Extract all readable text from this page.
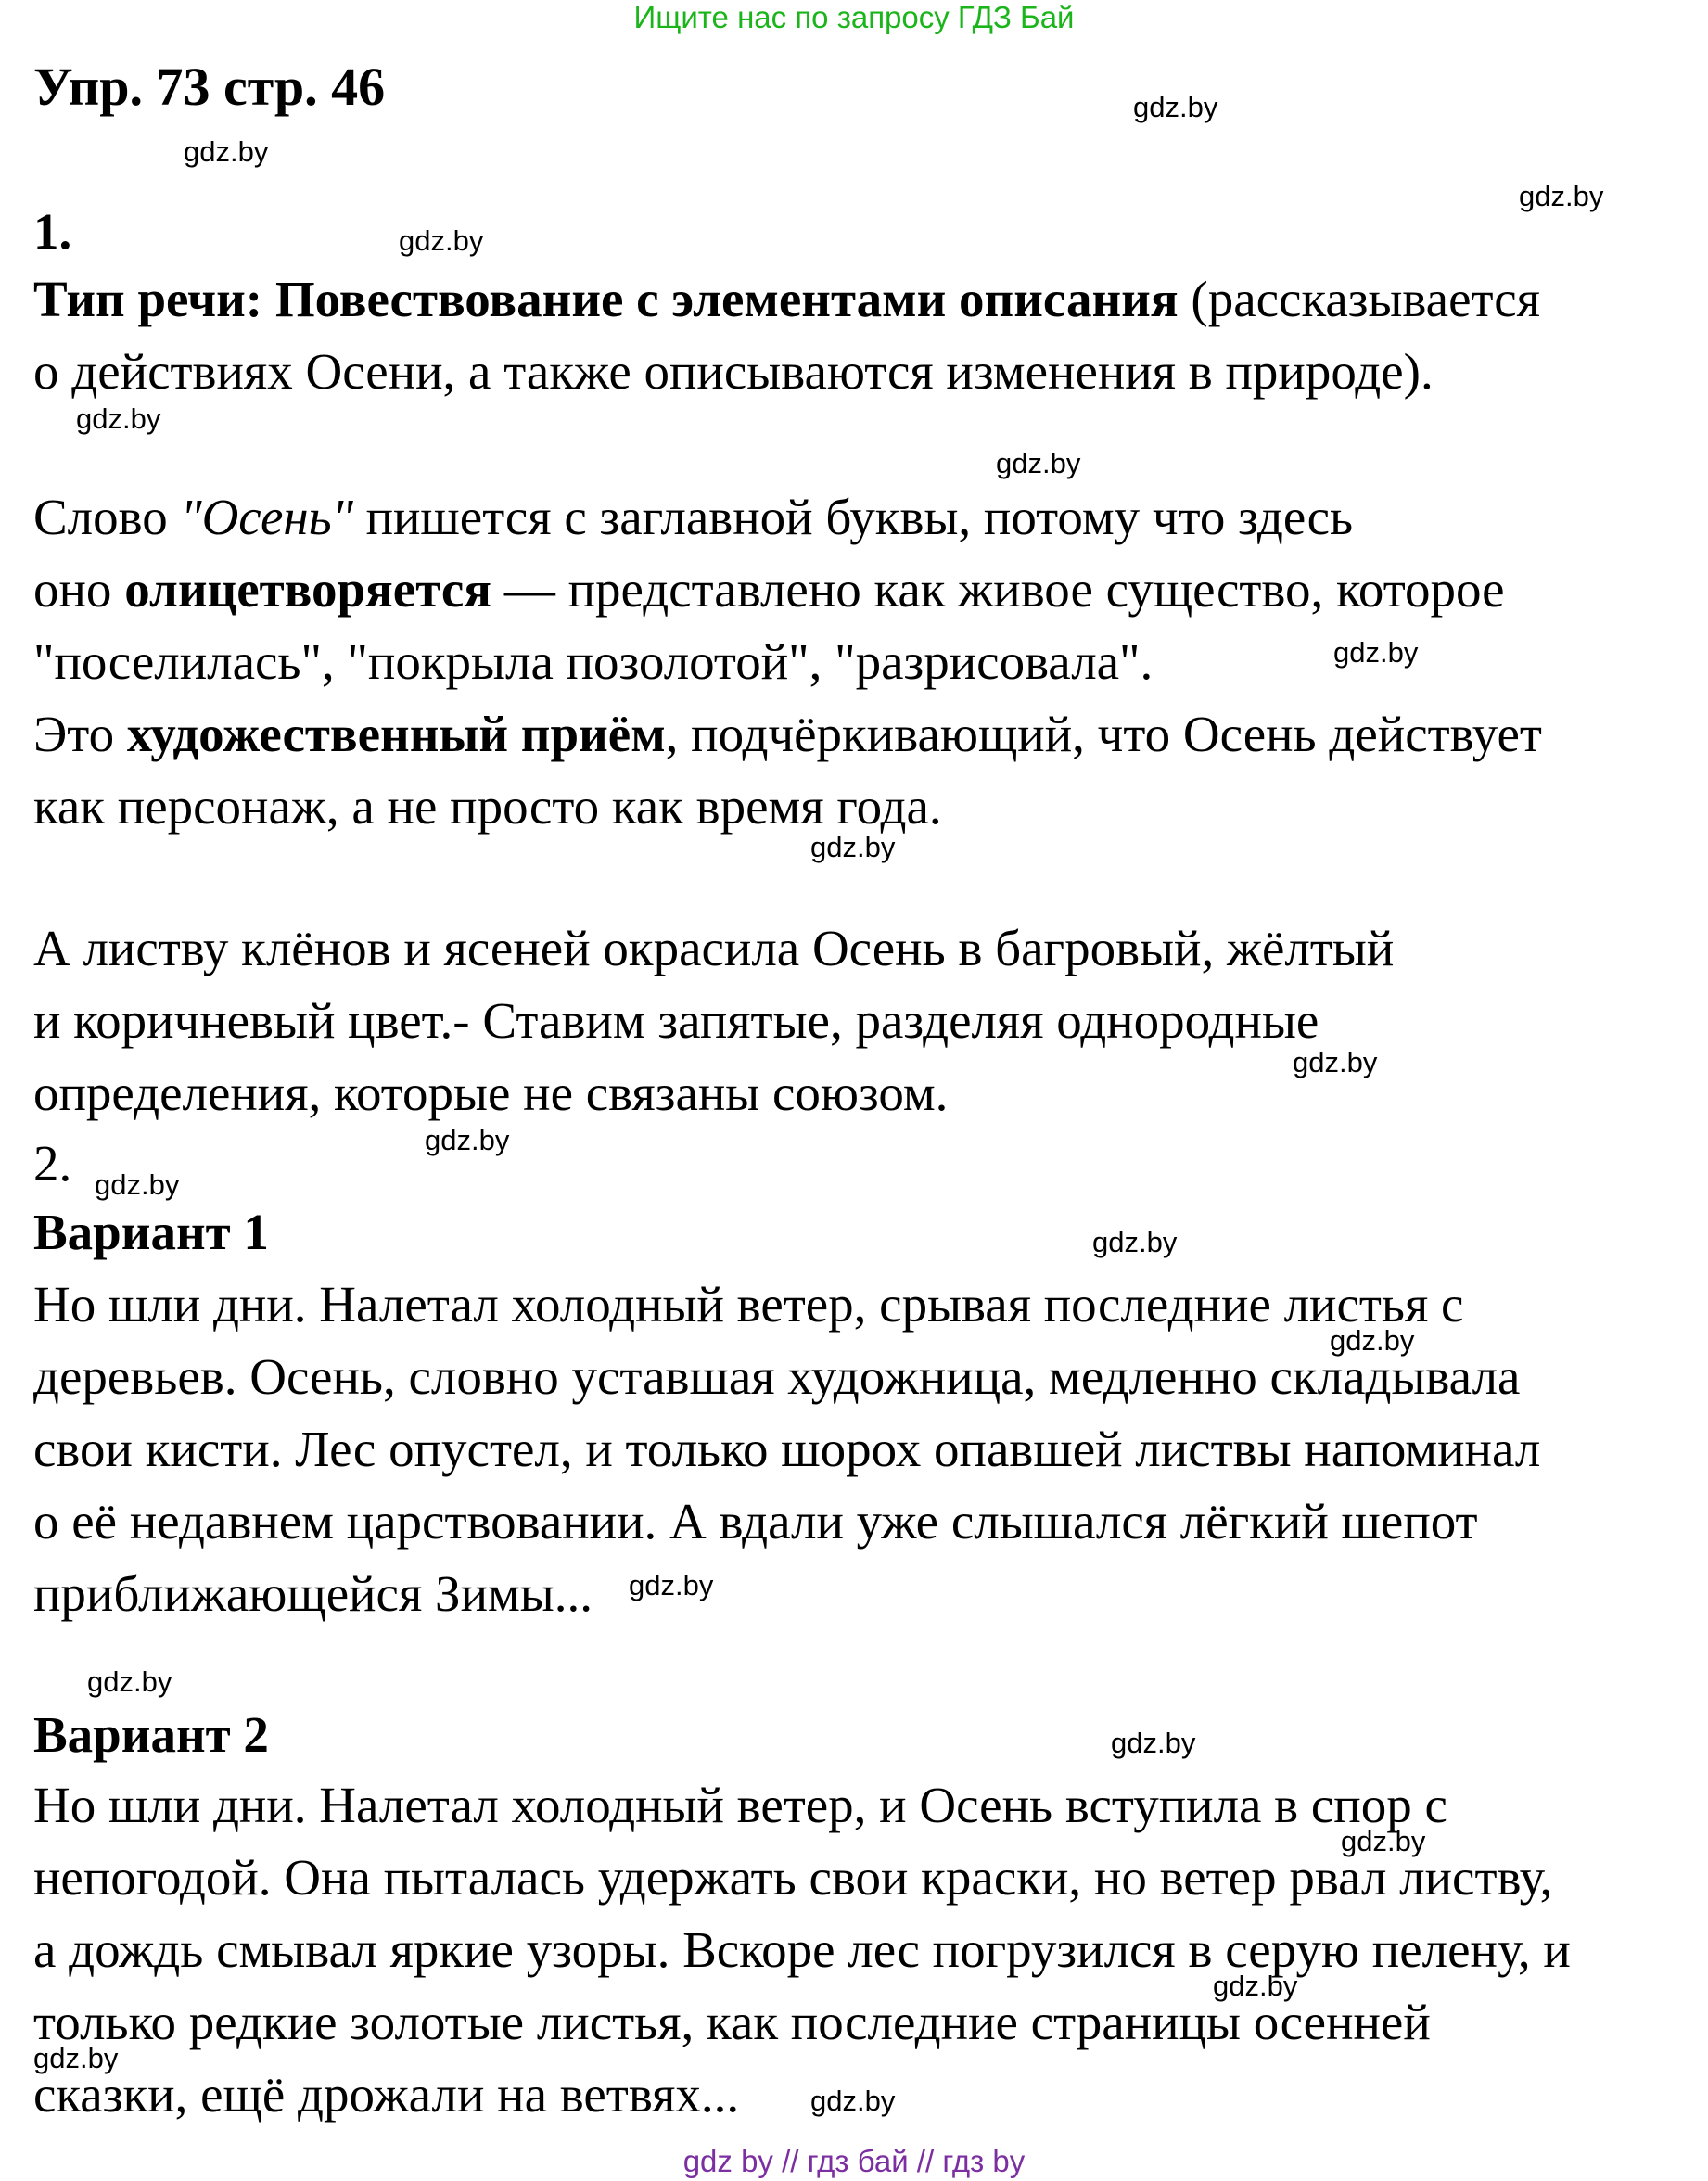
Ищите нас по запросу ГДЗ Бай
Упр. 73 стр. 46
1.
Тип речи: Повествование с элементами описания (рассказывается
о действиях Осени, а также описываются изменения в природе).
Слово "Осень" пишется с заглавной буквы, потому что здесь
оно олицетворяется — представлено как живое существо, которое
"поселилась", "покрыла позолотой", "разрисовала".
Это художественный приём, подчёркивающий, что Осень действует
как персонаж, а не просто как время года.
А листву клёнов и ясеней окрасила Осень в багровый, жёлтый
и коричневый цвет.- Ставим запятые, разделяя однородные
определения, которые не связаны союзом.
2.
Вариант 1
Но шли дни. Налетал холодный ветер, срывая последние листья с
деревьев. Осень, словно уставшая художница, медленно складывала
свои кисти. Лес опустел, и только шорох опавшей листвы напоминал
о её недавнем царствовании. А вдали уже слышался лёгкий шепот
приближающейся Зимы...
Вариант 2
Но шли дни. Налетал холодный ветер, и Осень вступила в спор с
непогодой. Она пыталась удержать свои краски, но ветер рвал листву,
а дождь смывал яркие узоры. Вскоре лес погрузился в серую пелену, и
только редкие золотые листья, как последние страницы осенней
сказки, ещё дрожали на ветвях...
gdz.by
gdz.by
gdz.by
gdz.by
gdz.by
gdz.by
gdz.by
gdz.by
gdz.by
gdz.by
gdz.by
gdz.by
gdz.by
gdz.by
gdz.by
gdz.by
gdz.by
gdz.by
gdz.by
gdz.by
gdz by // гдз бай // гдз by
